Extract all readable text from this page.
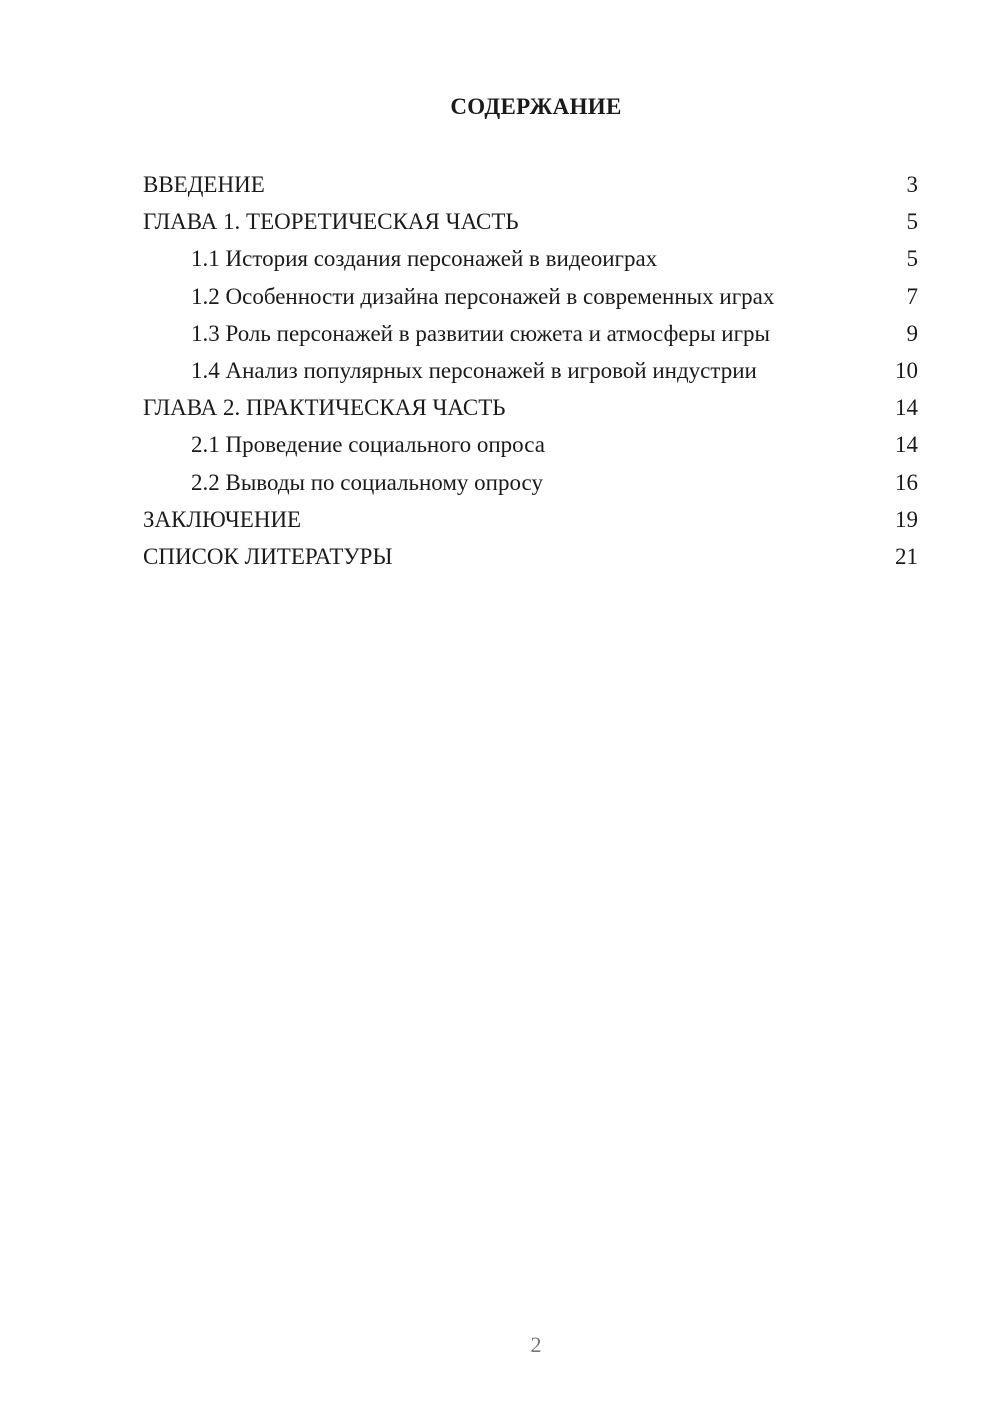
СОДЕРЖАНИЕ
ВВЕДЕНИЕ	3
ГЛАВА 1. ТЕОРЕТИЧЕСКАЯ ЧАСТЬ	5
1.1 История создания персонажей в видеоиграх	5
1.2 Особенности дизайна персонажей в современных играх	7
1.3 Роль персонажей в развитии сюжета и атмосферы игры	9
1.4 Анализ популярных персонажей в игровой индустрии	10
ГЛАВА 2. ПРАКТИЧЕСКАЯ ЧАСТЬ	14
2.1 Проведение социального опроса	14
2.2 Выводы по социальному опросу	16
ЗАКЛЮЧЕНИЕ	19
СПИСОК ЛИТЕРАТУРЫ	21
2
